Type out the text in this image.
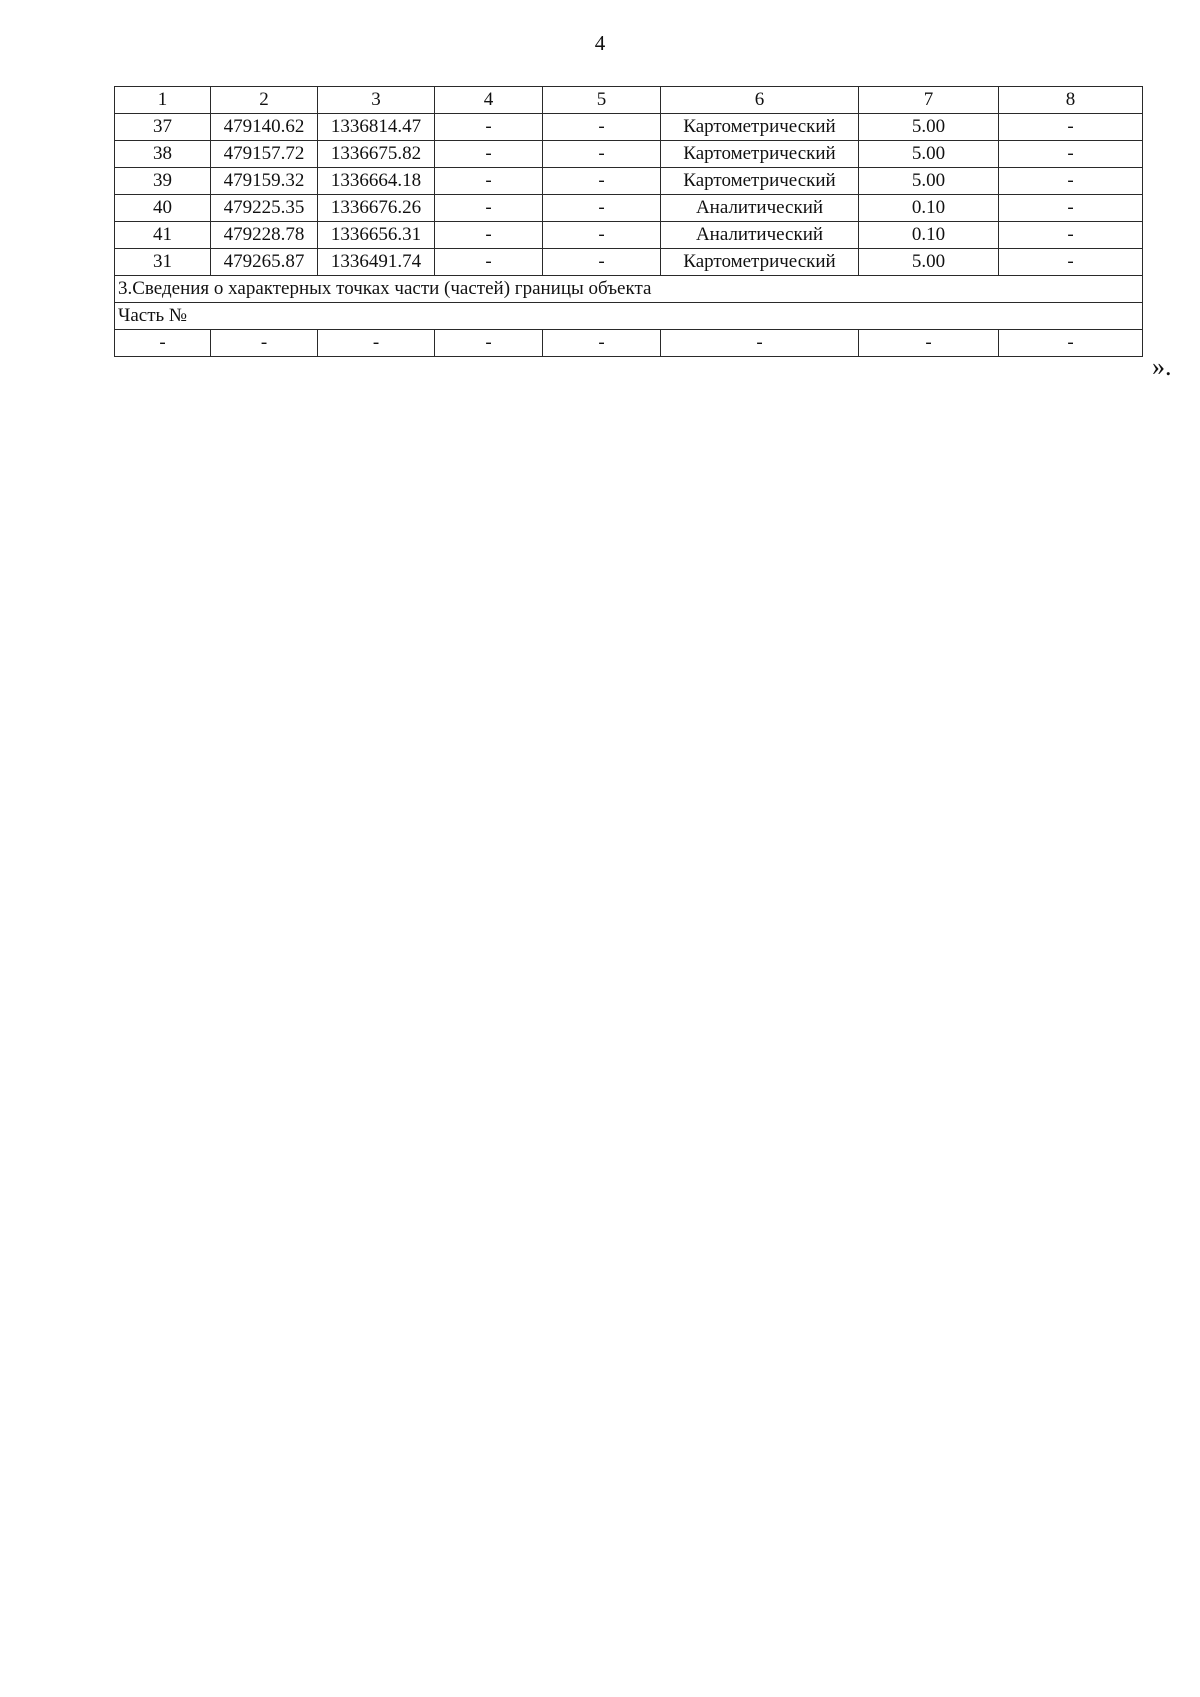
4
1	2	3	4	5	6	7	8
37	479140.62	1336814.47	-	-	Картометрический	5.00	-
38	479157.72	1336675.82	-	-	Картометрический	5.00	-
39	479159.32	1336664.18	-	-	Картометрический	5.00	-
40	479225.35	1336676.26	-	-	Аналитический	0.10	-
41	479228.78	1336656.31	-	-	Аналитический	0.10	-
31	479265.87	1336491.74	-	-	Картометрический	5.00	-
3.Сведения о характерных точках части (частей) границы объекта							
Часть №							
-	-	-	-	-	-	-	-
».
